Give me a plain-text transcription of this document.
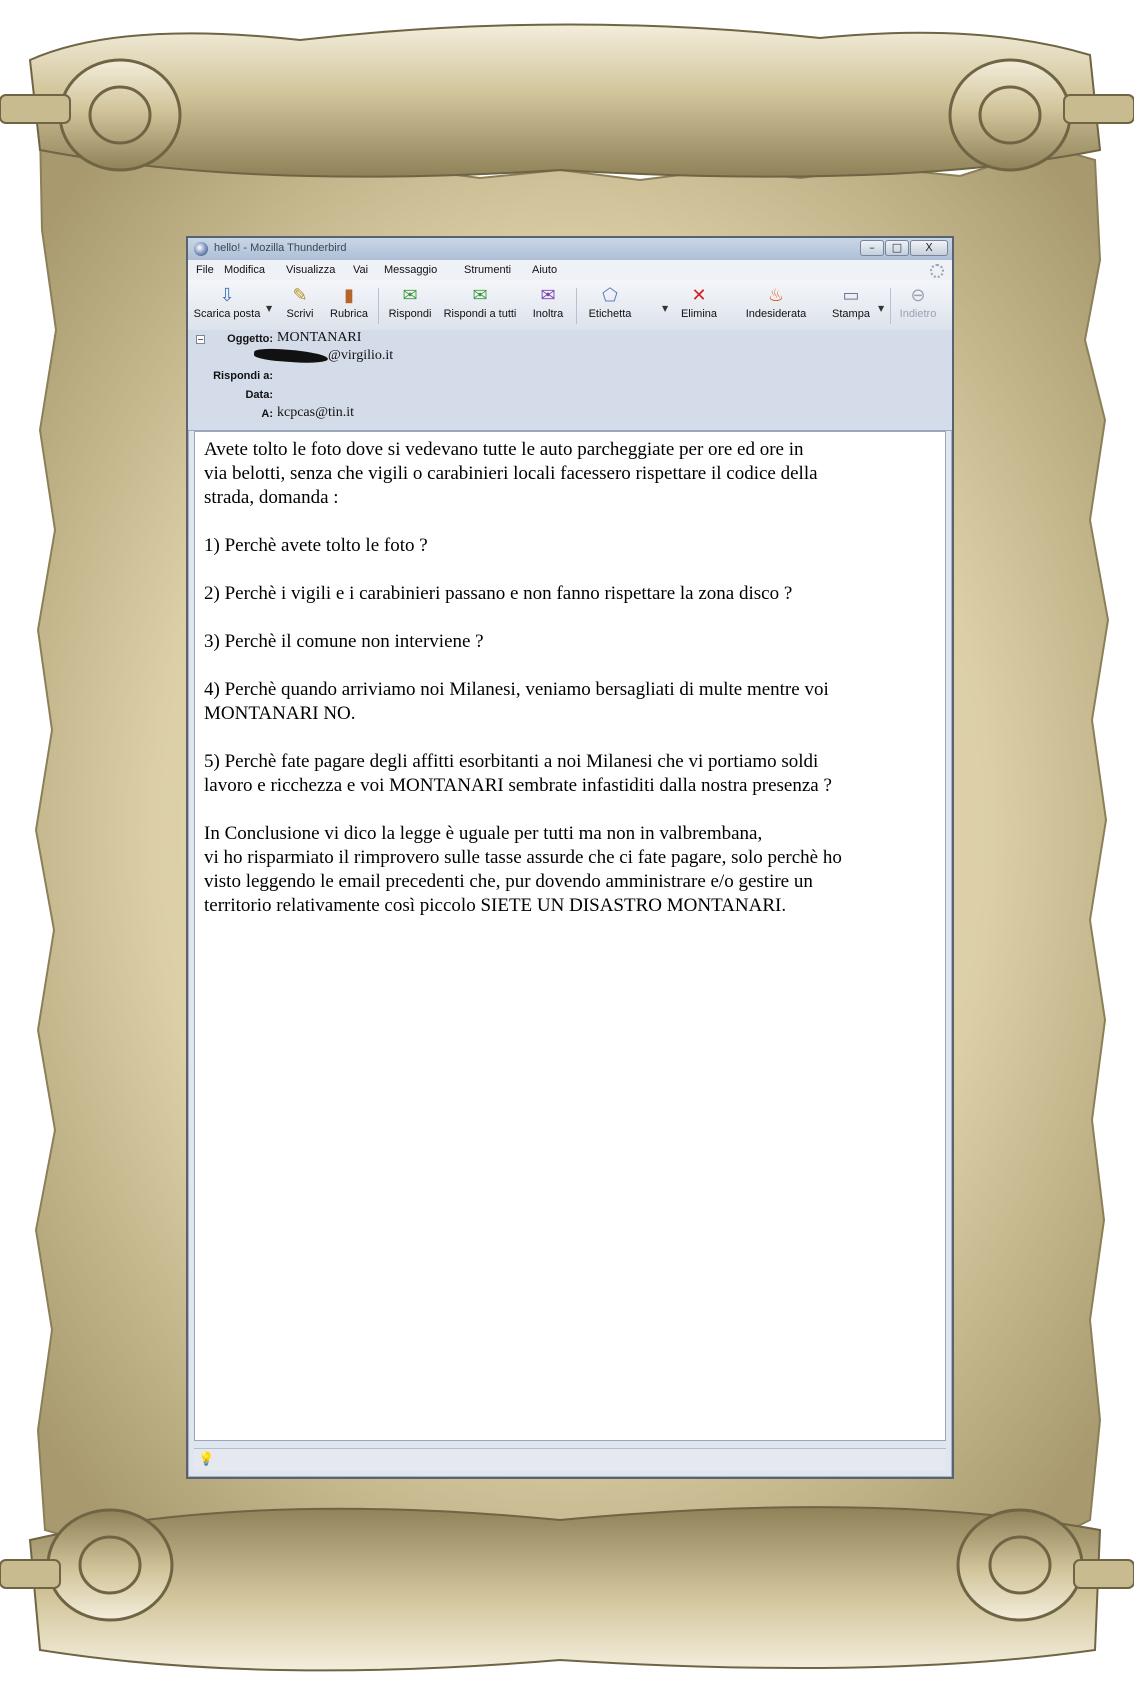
hello! - Mozilla Thunderbird	–	□	X
File Modifica Visualizza Vai Messaggio Strumenti Aiuto
⇩
Scarica posta ▼
✎
Scrivi
▮
Rubrica
✉
Rispondi
✉
Rispondi a tutti
✉
Inoltra
⬠
Etichetta	▼
✕
Elimina
♨
Indesiderata
▭
Stampa	▼
⊖
Indietro
−	Oggetto: MONTANARI
@virgilio.it
Rispondi a:
Data:
A: kcpcas@tin.it

Avete tolto le foto dove si vedevano tutte le auto parcheggiate per ore ed ore in
via belotti, senza che vigili o carabinieri locali facessero rispettare il codice della
strada, domanda :

1) Perchè avete tolto le foto ?

2) Perchè i vigili e i carabinieri passano e non fanno rispettare la zona disco ?

3) Perchè il comune non interviene ?

4) Perchè quando arriviamo noi Milanesi, veniamo bersagliati di multe mentre voi
MONTANARI NO.

5) Perchè fate pagare degli affitti esorbitanti a noi Milanesi che vi portiamo soldi
lavoro e ricchezza e voi MONTANARI sembrate infastiditi dalla nostra presenza ?

In Conclusione vi dico la legge è uguale per tutti ma non in valbrembana,
vi ho risparmiato il rimprovero sulle tasse assurde che ci fate pagare, solo perchè ho
visto leggendo le email precedenti che, pur dovendo amministrare e/o gestire un
territorio relativamente così piccolo SIETE UN DISASTRO MONTANARI.

💡
